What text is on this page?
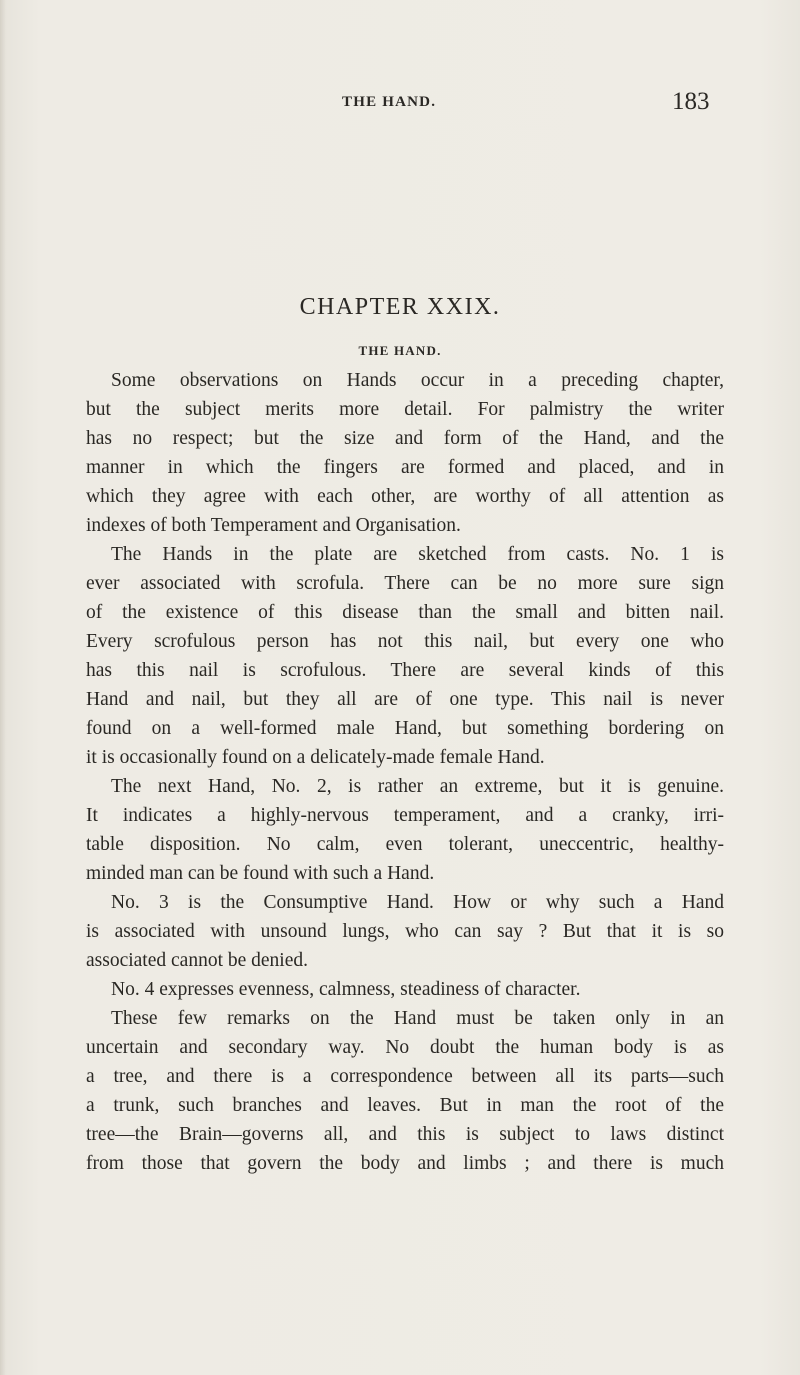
THE HAND.	183
CHAPTER XXIX.
THE HAND.
Some observations on Hands occur in a preceding chapter,
but the subject merits more detail. For palmistry the writer
has no respect; but the size and form of the Hand, and the
manner in which the fingers are formed and placed, and in
which they agree with each other, are worthy of all attention as
indexes of both Temperament and Organisation.
The Hands in the plate are sketched from casts. No. 1 is
ever associated with scrofula. There can be no more sure sign
of the existence of this disease than the small and bitten nail.
Every scrofulous person has not this nail, but every one who
has this nail is scrofulous. There are several kinds of this
Hand and nail, but they all are of one type. This nail is never
found on a well-formed male Hand, but something bordering on
it is occasionally found on a delicately-made female Hand.
The next Hand, No. 2, is rather an extreme, but it is genuine.
It indicates a highly-nervous temperament, and a cranky, irri-
table disposition. No calm, even tolerant, uneccentric, healthy-
minded man can be found with such a Hand.
No. 3 is the Consumptive Hand. How or why such a Hand
is associated with unsound lungs, who can say ? But that it is so
associated cannot be denied.
No. 4 expresses evenness, calmness, steadiness of character.
These few remarks on the Hand must be taken only in an
uncertain and secondary way. No doubt the human body is as
a tree, and there is a correspondence between all its parts—such
a trunk, such branches and leaves. But in man the root of the
tree—the Brain—governs all, and this is subject to laws distinct
from those that govern the body and limbs ; and there is much
